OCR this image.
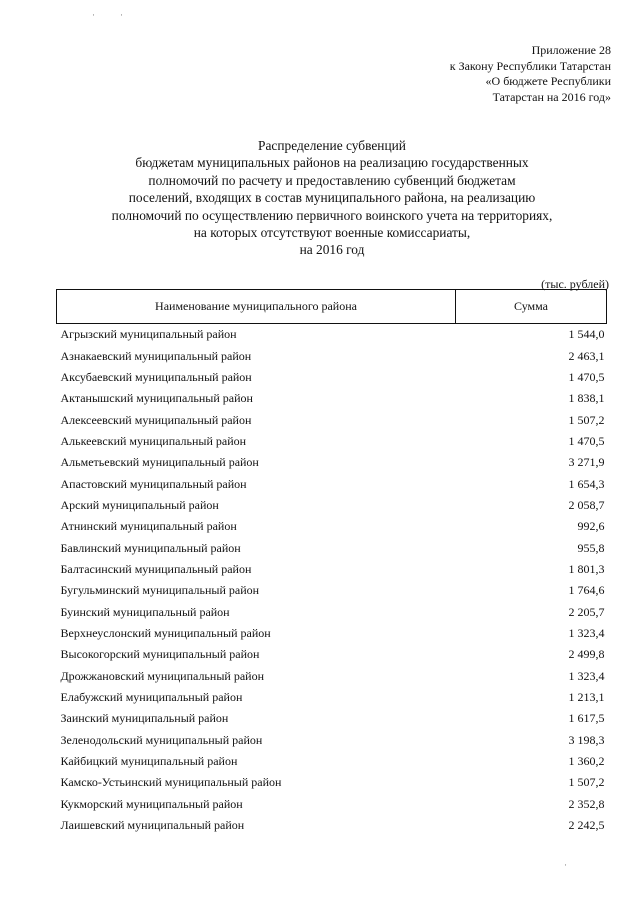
·	·
·
Приложение 28
к Закону Республики Татарстан
«О бюджете Республики
Татарстан на 2016 год»
Распределение субвенций
бюджетам муниципальных районов на реализацию государственных
полномочий по расчету и предоставлению субвенций бюджетам
поселений, входящих в состав муниципального района, на реализацию
полномочий по осуществлению первичного воинского учета на территориях,
на которых отсутствуют военные комиссариаты,
на 2016 год
(тыс. рублей)
Наименование муниципального района	Сумма
Агрызский муниципальный район	1 544,0
Азнакаевский муниципальный район	2 463,1
Аксубаевский муниципальный район	1 470,5
Актанышский муниципальный район	1 838,1
Алексеевский муниципальный район	1 507,2
Алькеевский муниципальный район	1 470,5
Альметьевский муниципальный район	3 271,9
Апастовский муниципальный район	1 654,3
Арский муниципальный район	2 058,7
Атнинский муниципальный район	992,6
Бавлинский муниципальный район	955,8
Балтасинский муниципальный район	1 801,3
Бугульминский муниципальный район	1 764,6
Буинский муниципальный район	2 205,7
Верхнеуслонский муниципальный район	1 323,4
Высокогорский муниципальный район	2 499,8
Дрожжановский муниципальный район	1 323,4
Елабужский муниципальный район	1 213,1
Заинский муниципальный район	1 617,5
Зеленодольский муниципальный район	3 198,3
Кайбицкий муниципальный район	1 360,2
Камско-Устьинский муниципальный район	1 507,2
Кукморский муниципальный район	2 352,8
Лаишевский муниципальный район	2 242,5
